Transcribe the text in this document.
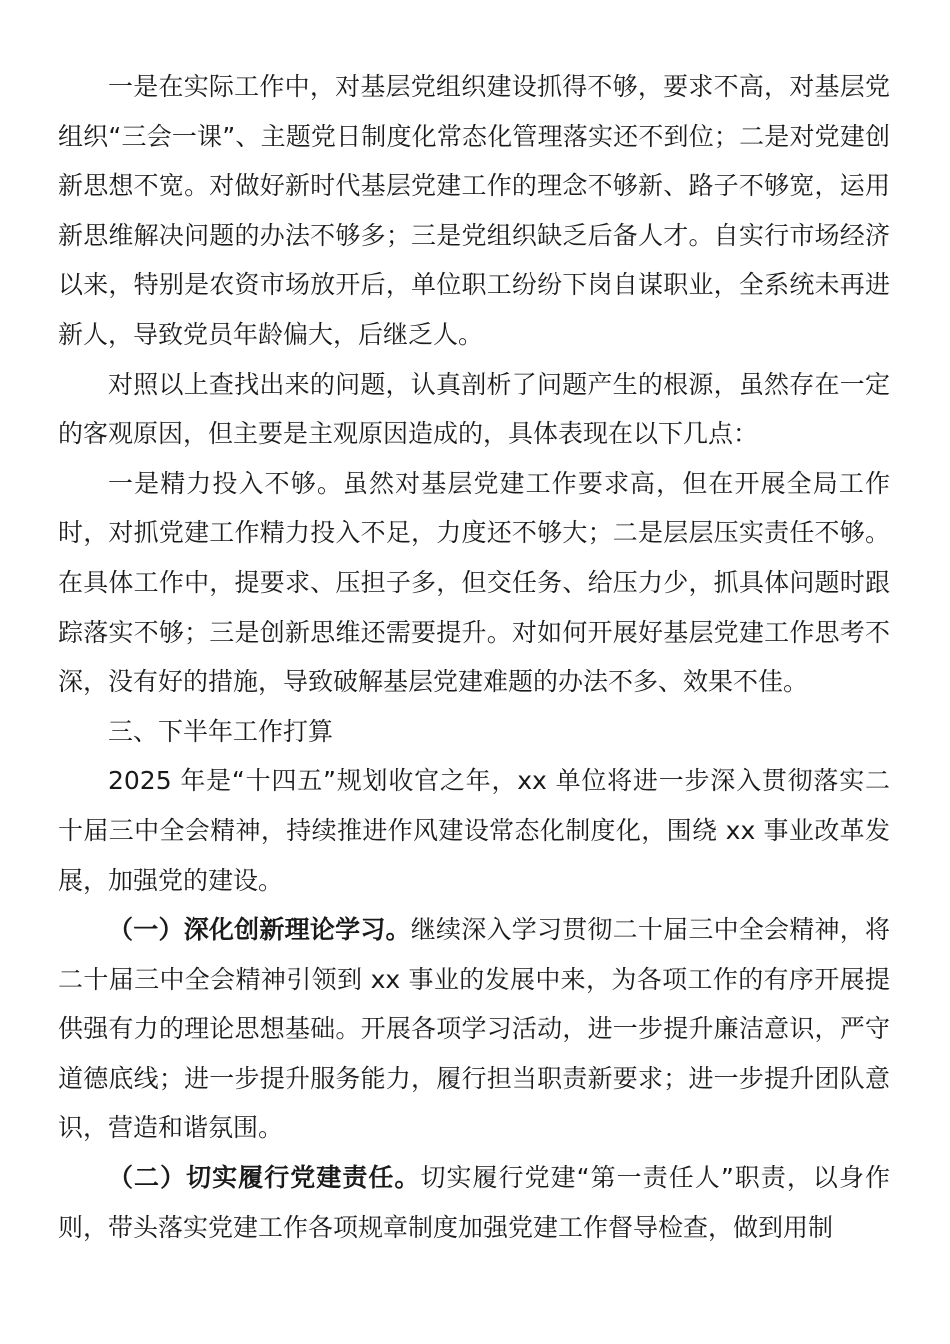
一是在实际工作中，对基层党组织建设抓得不够，要求不高，对基层党组织“三会一课”、主题党日制度化常态化管理落实还不到位；二是对党建创新思想不宽。对做好新时代基层党建工作的理念不够新、路子不够宽，运用新思维解决问题的办法不够多；三是党组织缺乏后备人才。自实行市场经济以来，特别是农资市场放开后，单位职工纷纷下岗自谋职业，全系统未再进新人，导致党员年龄偏大，后继乏人。

对照以上查找出来的问题，认真剖析了问题产生的根源，虽然存在一定的客观原因，但主要是主观原因造成的，具体表现在以下几点：

一是精力投入不够。虽然对基层党建工作要求高，但在开展全局工作时，对抓党建工作精力投入不足，力度还不够大；二是层层压实责任不够。在具体工作中，提要求、压担子多，但交任务、给压力少，抓具体问题时跟踪落实不够；三是创新思维还需要提升。对如何开展好基层党建工作思考不深，没有好的措施，导致破解基层党建难题的办法不多、效果不佳。

三、下半年工作打算

2025 年是“十四五”规划收官之年，xx 单位将进一步深入贯彻落实二十届三中全会精神，持续推进作风建设常态化制度化，围绕 xx 事业改革发展，加强党的建设。

（一）深化创新理论学习。继续深入学习贯彻二十届三中全会精神，将二十届三中全会精神引领到 xx 事业的发展中来，为各项工作的有序开展提供强有力的理论思想基础。开展各项学习活动，进一步提升廉洁意识，严守道德底线；进一步提升服务能力，履行担当职责新要求；进一步提升团队意识，营造和谐氛围。

（二）切实履行党建责任。切实履行党建“第一责任人”职责，以身作则，带头落实党建工作各项规章制度加强党建工作督导检查，做到用制
